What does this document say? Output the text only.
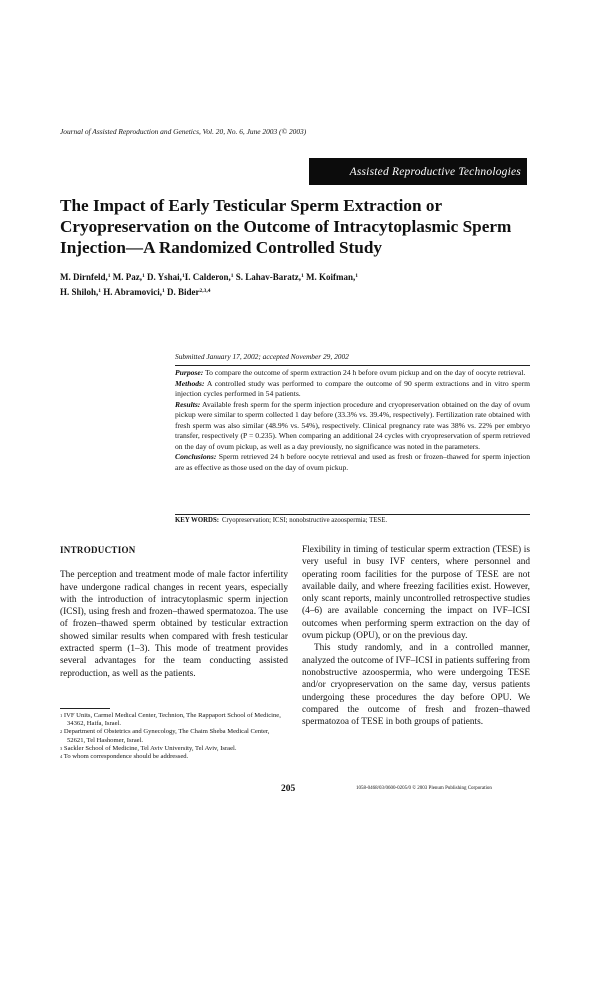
Journal of Assisted Reproduction and Genetics, Vol. 20, No. 6, June 2003 (© 2003)
Assisted Reproductive Technologies
The Impact of Early Testicular Sperm Extraction or Cryopreservation on the Outcome of Intracytoplasmic Sperm Injection—A Randomized Controlled Study
M. Dirnfeld,$^1$ M. Paz,$^1$ D. Yshai,$^1$I. Calderon,$^1$ S. Lahav-Baratz,$^1$ M. Koifman,$^1$
H. Shiloh,$^1$ H. Abramovici,$^1$ D. Bider$^{2,3,4}$
Submitted January 17, 2002; accepted November 29, 2002

Purpose: To compare the outcome of sperm extraction 24 h before ovum pickup and on the day of oocyte retrieval.

Methods: A controlled study was performed to compare the outcome of 90 sperm extractions and in vitro sperm injection cycles performed in 54 patients.

Results: Available fresh sperm for the sperm injection procedure and cryopreservation obtained on the day of ovum pickup were similar to sperm collected 1 day before (33.3% vs. 39.4%, respectively). Fertilization rate obtained with fresh sperm was also similar (48.9% vs. 54%), respectively. Clinical pregnancy rate was 38% vs. 22% per embryo transfer, respectively (P = 0.235). When comparing an additional 24 cycles with cryopreservation of sperm retrieved on the day of ovum pickup, as well as a day previously, no significance was noted in the parameters.

Conclusions: Sperm retrieved 24 h before oocyte retrieval and used as fresh or frozen–thawed for sperm injection are as effective as those used on the day of ovum pickup.

KEY WORDS: Cryopreservation; ICSI; nonobstructive azoospermia; TESE.

INTRODUCTION

The perception and treatment mode of male factor infertility have undergone radical changes in recent years, especially with the introduction of intracytoplasmic sperm injection (ICSI), using fresh and frozen–thawed spermatozoa. The use of frozen–thawed sperm obtained by testicular extraction showed similar results when compared with fresh testicular extracted sperm (1–3). This mode of treatment provides several advantages for the team conducting assisted reproduction, as well as the patients.

Flexibility in timing of testicular sperm extraction (TESE) is very useful in busy IVF centers, where personnel and operating room facilities for the purpose of TESE are not available daily, and where freezing facilities exist. However, only scant reports, mainly uncontrolled retrospective studies (4–6) are available concerning the impact on IVF–ICSI outcomes when performing sperm extraction on the day of ovum pickup (OPU), or on the previous day.

This study randomly, and in a controlled manner, analyzed the outcome of IVF–ICSI in patients suffering from nonobstructive azoospermia, who were undergoing TESE and/or cryopreservation on the same day, versus patients undergoing these procedures the day before OPU. We compared the outcome of fresh and frozen–thawed spermatozoa of TESE in both groups of patients.

$^1$ IVF Units, Carmel Medical Center, Technion, The Rappaport School of Medicine, 34362, Haifa, Israel.

$^2$ Department of Obstetrics and Gynecology, The Chaim Sheba Medical Center, 52621, Tel Hashomer, Israel.

$^3$ Sackler School of Medicine, Tel Aviv University, Tel Aviv, Israel.

$^4$ To whom correspondence should be addressed.

205	1058-0468/03/0600-0205/0 © 2003 Plenum Publishing Corporation
